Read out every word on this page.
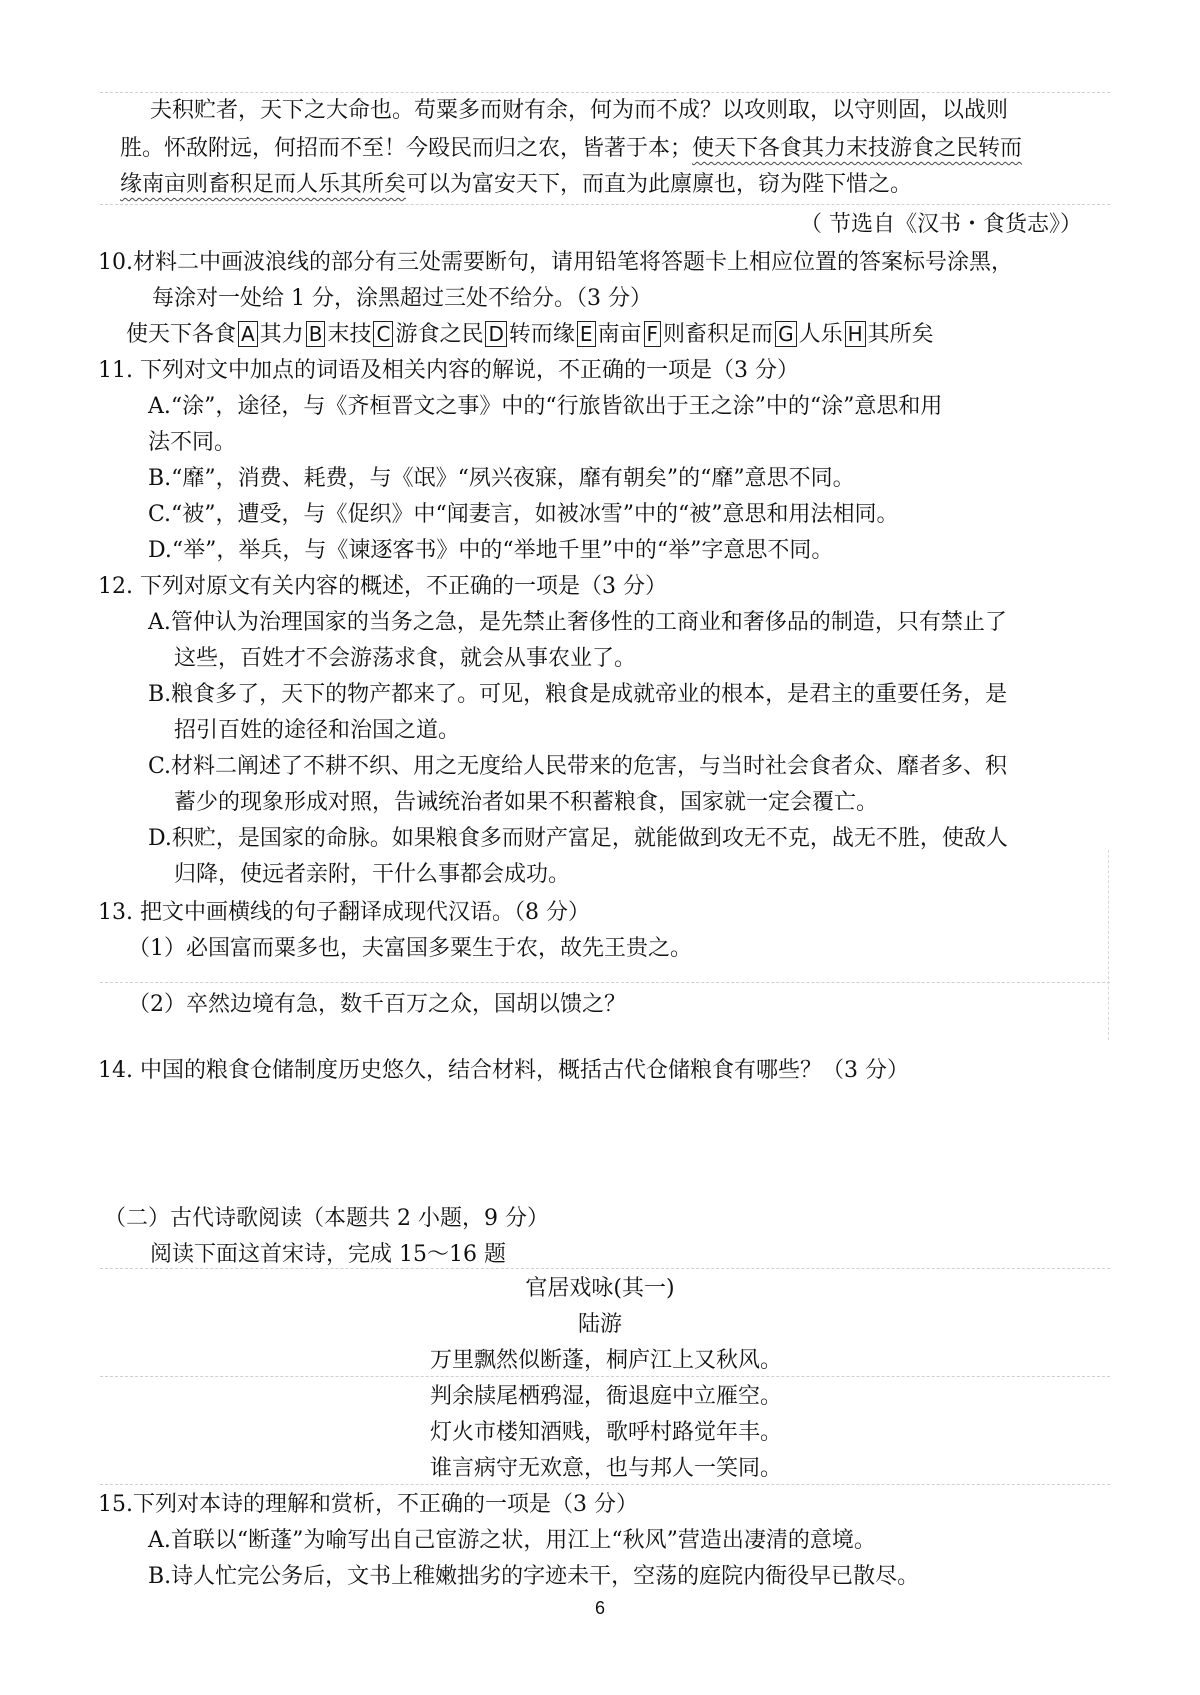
夫积贮者，天下之大命也。苟粟多而财有余，何为而不成？以攻则取，以守则固，以战则
胜。怀敌附远，何招而不至！今殴民而归之农，皆著于本；使天下各食其力末技游食之民转而
缘南亩则畜积足而人乐其所矣可以为富安天下，而直为此廪廪也，窃为陛下惜之。
（ 节选自《汉书・食货志》）
10.材料二中画波浪线的部分有三处需要断句，请用铅笔将答题卡上相应位置的答案标号涂黑，
每涂对一处给 1 分，涂黑超过三处不给分。（3 分）
使天下各食 A 其力 B 末技 C 游食之民 D 转而缘 E 南亩 F 则畜积足而 G 人乐 H 其所矣
11. 下列对文中加点的词语及相关内容的解说，不正确的一项是（3 分）
A.“涂”，途径，与《齐桓晋文之事》中的“行旅皆欲出于王之涂”中的“涂”意思和用
法不同。
B.“靡”，消费、耗费，与《氓》“夙兴夜寐，靡有朝矣”的“靡”意思不同。
C.“被”，遭受，与《促织》中“闻妻言，如被冰雪”中的“被”意思和用法相同。
D.“举”，举兵，与《谏逐客书》中的“举地千里”中的“举”字意思不同。
12. 下列对原文有关内容的概述，不正确的一项是（3 分）
A.管仲认为治理国家的当务之急，是先禁止奢侈性的工商业和奢侈品的制造，只有禁止了
这些，百姓才不会游荡求食，就会从事农业了。
B.粮食多了，天下的物产都来了。可见，粮食是成就帝业的根本，是君主的重要任务，是
招引百姓的途径和治国之道。
C.材料二阐述了不耕不织、用之无度给人民带来的危害，与当时社会食者众、靡者多、积
蓄少的现象形成对照，告诫统治者如果不积蓄粮食，国家就一定会覆亡。
D.积贮，是国家的命脉。如果粮食多而财产富足，就能做到攻无不克，战无不胜，使敌人
归降，使远者亲附，干什么事都会成功。
13. 把文中画横线的句子翻译成现代汉语。（8 分）
（1）必国富而粟多也，夫富国多粟生于农，故先王贵之。
（2）卒然边境有急，数千百万之众，国胡以馈之？
14. 中国的粮食仓储制度历史悠久，结合材料，概括古代仓储粮食有哪些？（3 分）
（二）古代诗歌阅读（本题共 2 小题，9 分）
阅读下面这首宋诗，完成 15～16 题
官居戏咏(其一)
陆游
万里飘然似断蓬，桐庐江上又秋风。
判余牍尾栖鸦湿，衙退庭中立雁空。
灯火市楼知酒贱，歌呼村路觉年丰。
谁言病守无欢意，也与邦人一笑同。
15.下列对本诗的理解和赏析，不正确的一项是（3 分）
A.首联以“断蓬”为喻写出自己宦游之状，用江上“秋风”营造出凄清的意境。
B.诗人忙完公务后，文书上稚嫩拙劣的字迹未干，空荡的庭院内衙役早已散尽。
6
